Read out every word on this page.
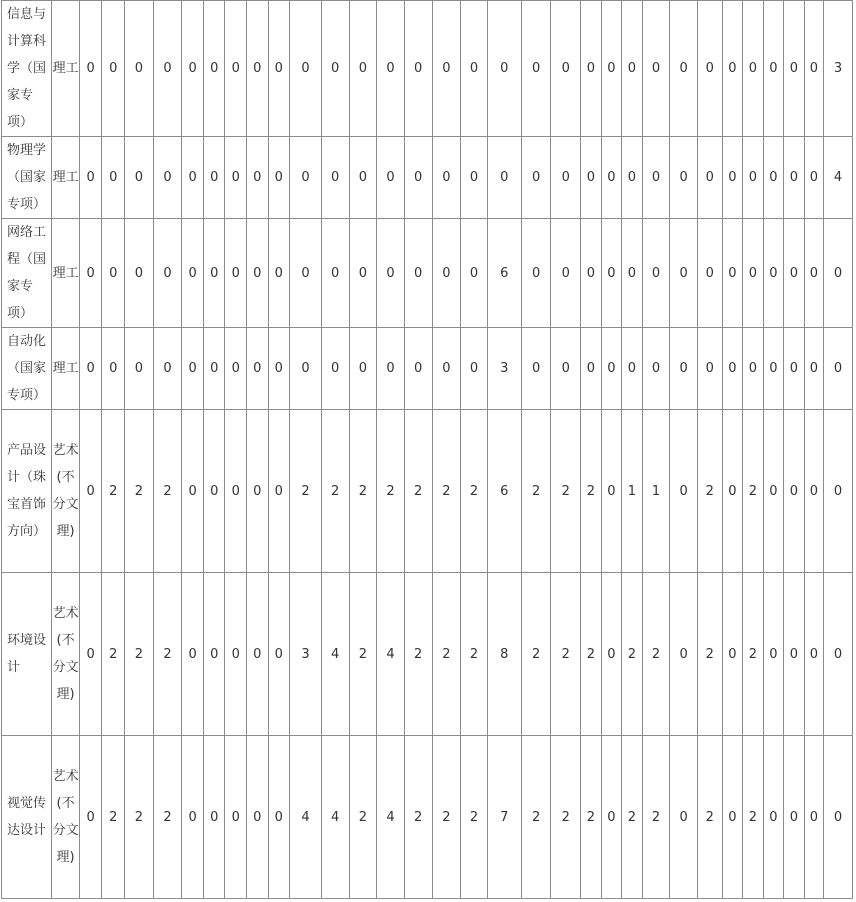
信息与计算科学（国家专项）	理工	0	0	0	0	0	0	0	0	0	0	0	0	0	0	0	0	0	0	0	0	0	0	0	0	0	0	0	0	0	0	3
物理学（国家专项）	理工	0	0	0	0	0	0	0	0	0	0	0	0	0	0	0	0	0	0	0	0	0	0	0	0	0	0	0	0	0	0	4
网络工程（国家专项）	理工	0	0	0	0	0	0	0	0	0	0	0	0	0	0	0	0	6	0	0	0	0	0	0	0	0	0	0	0	0	0	0
自动化（国家专项）	理工	0	0	0	0	0	0	0	0	0	0	0	0	0	0	0	0	3	0	0	0	0	0	0	0	0	0	0	0	0	0	0
产品设计（珠宝首饰方向）	艺术(不分文理)	0	2	2	2	0	0	0	0	0	2	2	2	2	2	2	2	6	2	2	2	0	1	1	0	2	0	2	0	0	0	0
环境设计	艺术(不分文理)	0	2	2	2	0	0	0	0	0	3	4	2	4	2	2	2	8	2	2	2	0	2	2	0	2	0	2	0	0	0	0
视觉传达设计	艺术(不分文理)	0	2	2	2	0	0	0	0	0	4	4	2	4	2	2	2	7	2	2	2	0	2	2	0	2	0	2	0	0	0	0
